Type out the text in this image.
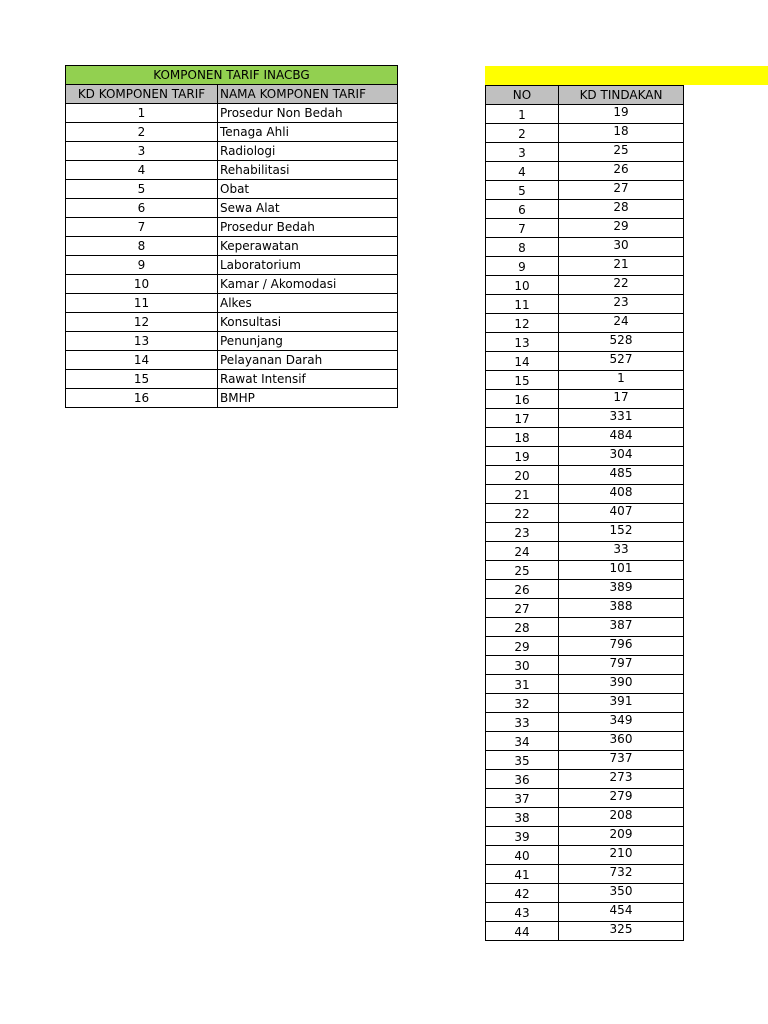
KOMPONEN TARIF INACBG	
KD KOMPONEN TARIF	NAMA KOMPONEN TARIF
1	Prosedur Non Bedah
2	Tenaga Ahli
3	Radiologi
4	Rehabilitasi
5	Obat
6	Sewa Alat
7	Prosedur Bedah
8	Keperawatan
9	Laboratorium
10	Kamar / Akomodasi
11	Alkes
12	Konsultasi
13	Penunjang
14	Pelayanan Darah
15	Rawat Intensif
16	BMHP
NO	KD TINDAKAN
1	19
2	18
3	25
4	26
5	27
6	28
7	29
8	30
9	21
10	22
11	23
12	24
13	528
14	527
15	1
16	17
17	331
18	484
19	304
20	485
21	408
22	407
23	152
24	33
25	101
26	389
27	388
28	387
29	796
30	797
31	390
32	391
33	349
34	360
35	737
36	273
37	279
38	208
39	209
40	210
41	732
42	350
43	454
44	325
